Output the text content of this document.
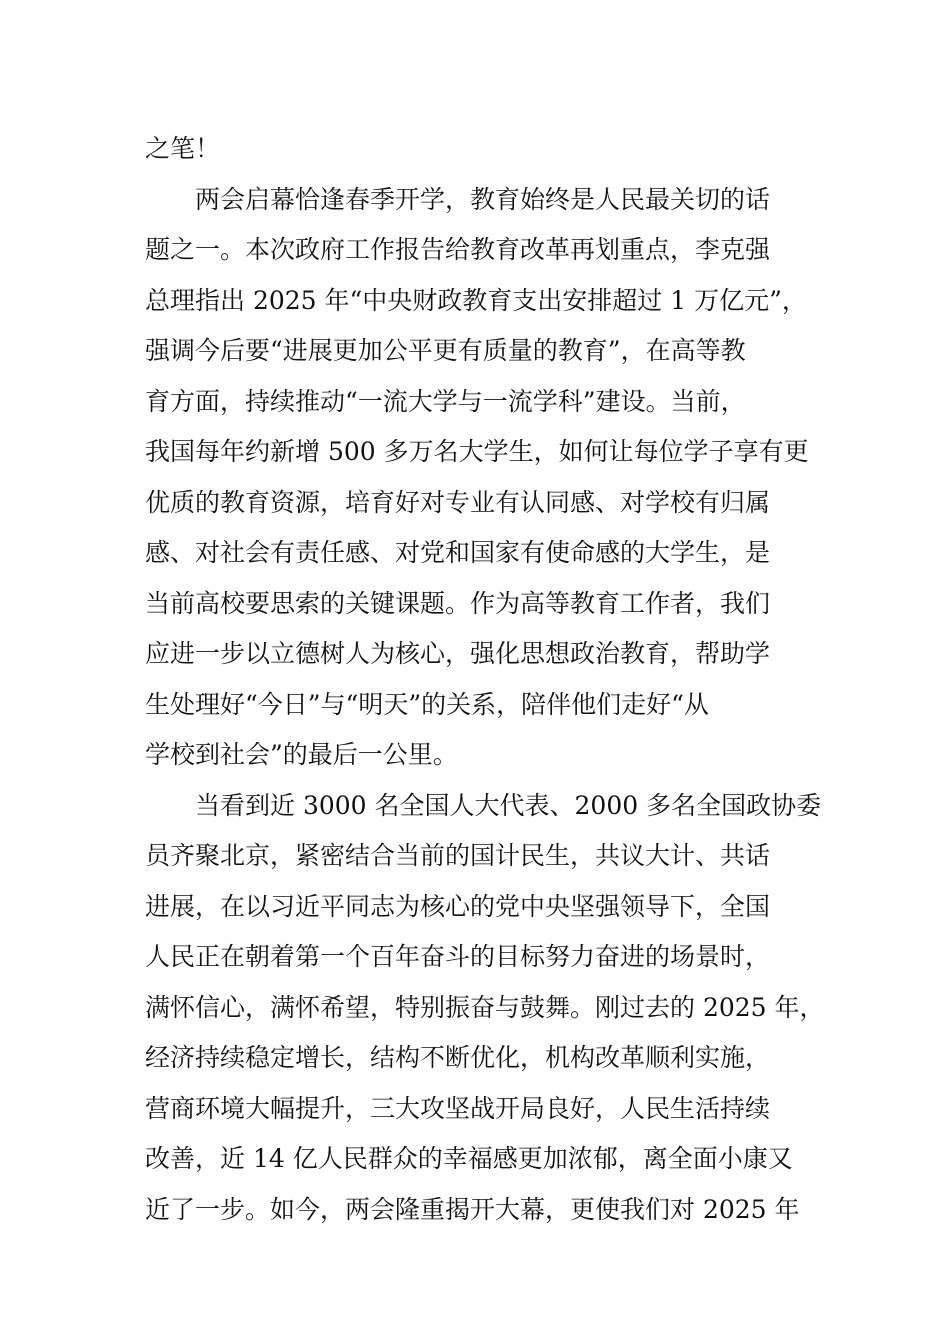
之笔！
两会启幕恰逢春季开学，教育始终是人民最关切的话
题之一。本次政府工作报告给教育改革再划重点，李克强
总理指出 2025 年“中央财政教育支出安排超过 1 万亿元”，
强调今后要“进展更加公平更有质量的教育”，在高等教
育方面，持续推动“一流大学与一流学科”建设。当前，
我国每年约新增 500 多万名大学生，如何让每位学子享有更
优质的教育资源，培育好对专业有认同感、对学校有归属
感、对社会有责任感、对党和国家有使命感的大学生，是
当前高校要思索的关键课题。作为高等教育工作者，我们
应进一步以立德树人为核心，强化思想政治教育，帮助学
生处理好“今日”与“明天”的关系，陪伴他们走好“从
学校到社会”的最后一公里。
当看到近 3000 名全国人大代表、2000 多名全国政协委
员齐聚北京，紧密结合当前的国计民生，共议大计、共话
进展，在以习近平同志为核心的党中央坚强领导下，全国
人民正在朝着第一个百年奋斗的目标努力奋进的场景时，
满怀信心，满怀希望，特别振奋与鼓舞。刚过去的 2025 年，
经济持续稳定增长，结构不断优化，机构改革顺利实施，
营商环境大幅提升，三大攻坚战开局良好，人民生活持续
改善，近 14 亿人民群众的幸福感更加浓郁，离全面小康又
近了一步。如今，两会隆重揭开大幕，更使我们对 2025 年
